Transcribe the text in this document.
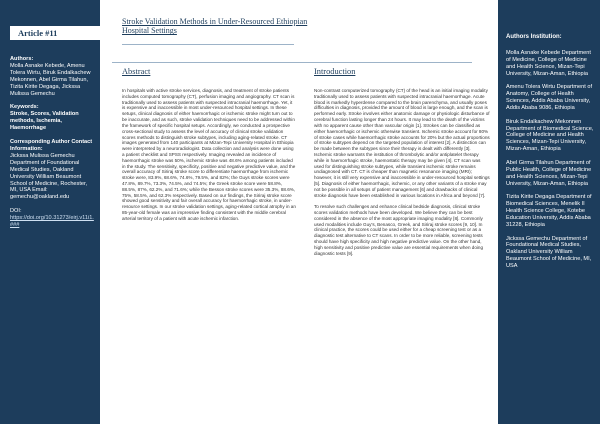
Article #11

Authors:

Molla Asnake Kebede, Amenu Tolera Wirtu, Biruk Endalkachew Mekonnen, Abel Girma Tilahun, Tizita Kirite Degaga, Jickssa Mulissa Gemechu

Keywords:

Stroke, Scores, Validation methods, Ischemia, Haemorrhage

Corresponding Author Contact Information:

Jickssa Mulissa Gemechu Department of Foundational Medical Studies, Oakland University William Beaumont School of Medicine, Rochester, MI, USA Email: gemechu@oakland.edu

DOI:

https://doi.org/10.31273/eirj.v11i1.###

Authors Institution:

Molla Asnake Kebede Department of Medicine, College of Medicine and Health Science, Mizan-Tepi University, Mizan-Aman, Ethiopia

Amenu Tolera Wirtu Department of Anatomy, College of Health Sciences, Addis Ababa University, Addis Ababa 9086, Ethiopia

Biruk Endalkachew Mekonnen Department of Biomedical Science, College of Medicine and Health Sciences, Mizan-Tepi University, Mizan-Aman, Ethiopia

Abel Girma Tilahun Department of Public Health, College of Medicine and Health Sciences, Mizan-Tepi University, Mizan-Aman, Ethiopia

Tizita Kirite Degaga Department of Biomedical Sciences, Menelik II Health Science College, Kotebe Education University, Addis Ababa 31228, Ethiopia

Jickssa Gemechu Department of Foundational Medical Studies, Oakland University William Beaumont School of Medicine, MI, USA

Stroke Validation Methods in Under-Resourced Ethiopian Hospital Settings
Abstract	Introduction

In hospitals with active stroke services, diagnosis, and treatment of stroke patients includes computed tomography (CT), perfusion imaging and angiography. CT scan is traditionally used to assess patients with suspected intracranial haemorrhage. Yet, it is expensive and inaccessible in most under-resourced hospital settings. In these setups, clinical diagnosis of either haemorrhagic or ischemic stroke might turn out to be inaccurate, and as such, stroke validation techniques need to be addressed within the framework of specific hospital setups. Accordingly, we conducted a prospective cross-sectional study to assess the level of accuracy of clinical stroke validation scores methods to distinguish stroke subtypes, including aging-related stroke. CT images generated from 140 participants at Mizan-Tepi University Hospital in Ethiopia were interpreted by a neuroradiologist. Data collection and analysis were done using a patient checklist and SPSS respectively. Imaging revealed an incidence of haemorrhagic stroke was 50%, ischemic stroke was 48.6% among patients included in the study. The sensitivity, specificity, positive and negative predictive value, and the overall accuracy of Siriraj stroke score to differentiate haemorrhage from ischemic stroke were, 83.9%, 68.6%, 74.6%, 79.5%, and 82%; the Guys stroke scores were 47.8%, 89.7%, 73.3%, 74.5%, and 74.5%; the Greek stroke score were 58.8%, 88.5%, 87%, 62.2%, and 71.6%; while the Besson stroke scores were 35.3%, 88.6%, 75%, 58.5%, and 62.3% respectively. Based on our findings, the Siriraj stroke score showed good sensitivity and fair overall accuracy for haemorrhagic stroke, in under-resource settings. In our stroke validation settings, aging-related cortical atrophy in an 85-year-old female was an impressive finding consistent with the middle cerebral arterial territory of a patient with acute ischemic infarction.

Non-contrast computerized tomography (CT) of the head is an initial imaging modality traditionally used to assess patients with suspected intracranial haemorrhage. Acute blood is markedly hyperdense compared to the brain parenchyma, and usually poses difficulties in diagnosis, provided the amount of blood is large enough, and the scan is performed early. Stroke involves either anatomic damage or physiologic disturbance of cerebral function lasting longer than 24 hours. It may lead to the death of the victims with no apparent cause other than vascular origin [1]. Strokes can be classified as either haemorrhagic or ischemic otherwise transient. Ischemic stroke account for 80% of stroke cases while haemorrhagic stroke accounts for 20% but the actual proportions of stroke subtypes depend on the targeted population of interest [2]. A distinction can be made between the subtypes since their therapy is dealt with differently [3]. Ischemic stroke warrants the institution of thrombolytic and/or antiplatelet therapy while in haemorrhagic stroke, haemostatic therapy may be given [4]. CT scan was used for distinguishing stroke subtypes, while transient ischemic stroke remains undiagnosed with CT. CT is cheaper than magnetic resonance imaging (MRI); however, it is still very expensive and inaccessible in under-resourced hospital settings [5]. Diagnosis of either haemorrhagic, ischemic, or any other variants of a stroke may not be possible in all setups of patient management [6] and drawbacks of clinical stroke diagnosis have been established in various locations in Africa and beyond [7].

To resolve such challenges and enhance clinical bedside diagnosis, clinical stroke scores validation methods have been developed. We believe they can be best considered in the absence of the most appropriate imaging modality [8]. Commonly used modalities include Guy's, Benasco, Greek, and Siriraj stroke scores [9, 10]. In clinical practice, the scores could be used either for a cheap screening test or as a diagnostic test alternative to CT scans. In order to be more reliable, screening tests should have high specificity and high negative predictive value. On the other hand, high sensitivity and positive predictive value are essential requirements when doing diagnostic tests [9].
